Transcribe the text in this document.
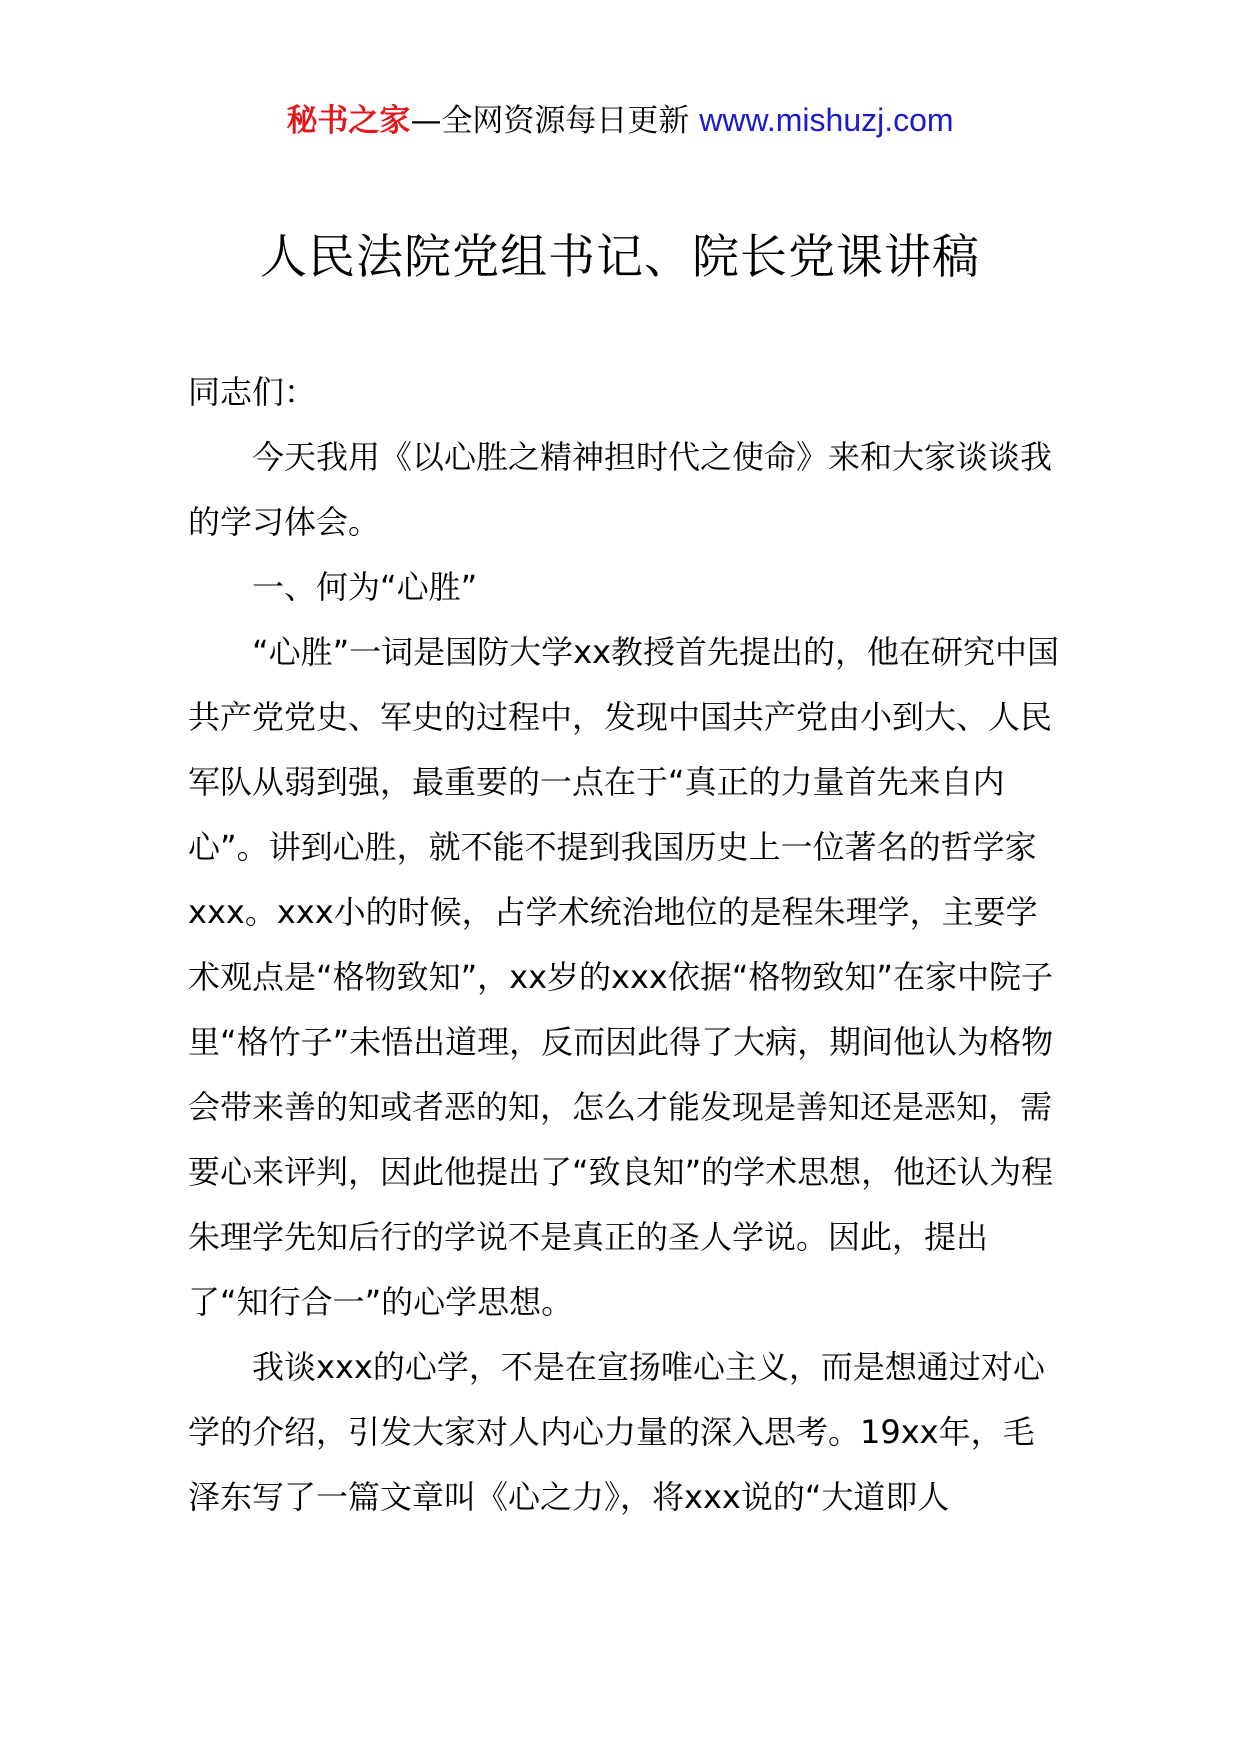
秘书之家—全网资源每日更新 www.mishuzj.com
人民法院党组书记、院长党课讲稿

同志们：

今天我用《以心胜之精神担时代之使命》来和大家谈谈我的学习体会。

一、何为“心胜”

“心胜”一词是国防大学xx教授首先提出的，他在研究中国共产党党史、军史的过程中，发现中国共产党由小到大、人民军队从弱到强，最重要的一点在于“真正的力量首先来自内心”。讲到心胜，就不能不提到我国历史上一位著名的哲学家xxx。xxx小的时候，占学术统治地位的是程朱理学，主要学术观点是“格物致知”，xx岁的xxx依据“格物致知”在家中院子里“格竹子”未悟出道理，反而因此得了大病，期间他认为格物会带来善的知或者恶的知，怎么才能发现是善知还是恶知，需要心来评判，因此他提出了“致良知”的学术思想，他还认为程朱理学先知后行的学说不是真正的圣人学说。因此，提出了“知行合一”的心学思想。

我谈xxx的心学，不是在宣扬唯心主义，而是想通过对心学的介绍，引发大家对人内心力量的深入思考。19xx年，毛泽东写了一篇文章叫《心之力》，将xxx说的“大道即人
